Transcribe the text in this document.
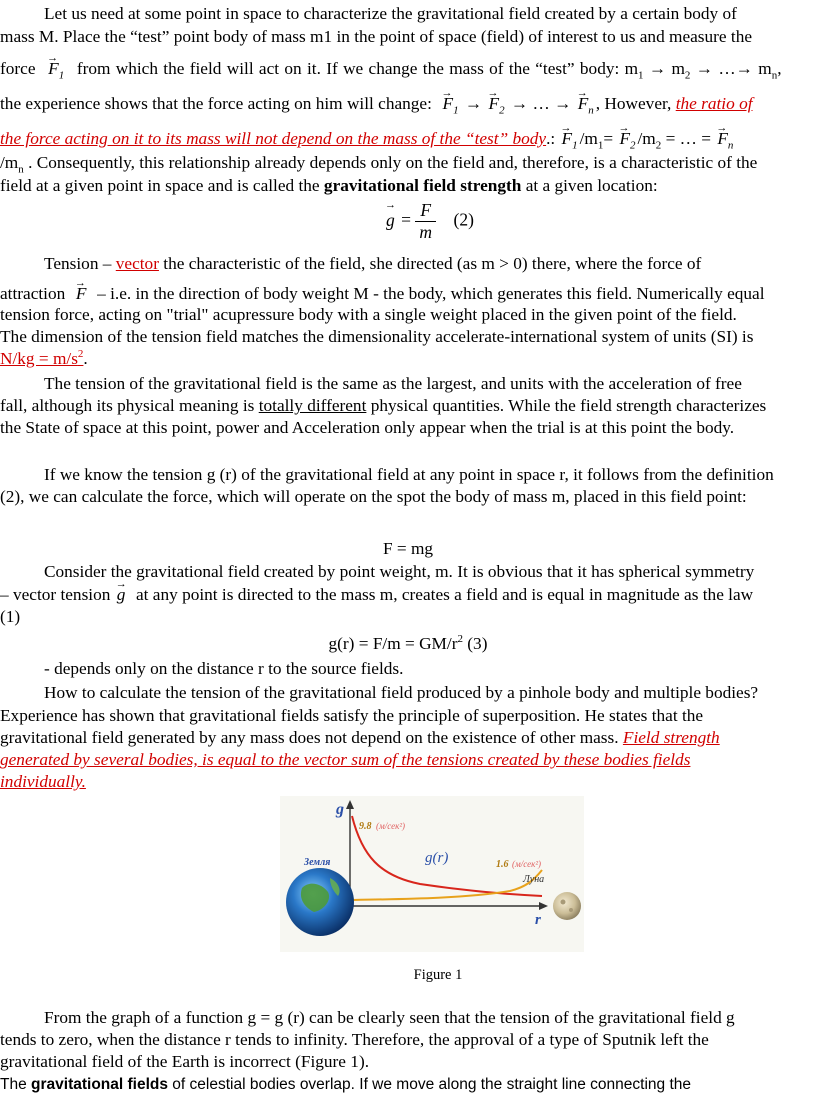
Let us need at some point in space to characterize the gravitational field created by a certain body of

mass M. Place the “test” point body of mass m1 in the point of space (field) of interest to us and measure the

force → $F_1$ from which the field will act on it. If we change the mass of the “test” body: $m_1 \to m_2$ → …→ $m_n$,

the experience shows that the force acting on him will change: → $F_1$ → → $F_2$ → … → → $F_n$ , However, the ratio of

the force acting on it to its mass will not depend on the mass of the “test” body.: → $F_1$ $/m_1= \to F_2$ $/m_2$ = … = → $F_n$

$/m_n$ . Consequently, this relationship already depends only on the field and, therefore, is a characteristic of the

field at a given point in space and is called the gravitational field strength at a given location:

→ $g = \frac{F}{m} (2)$

Tension – vector the characteristic of the field, she directed (as m > 0) there, where the force of

attraction → F – i.e. in the direction of body weight M - the body, which generates this field. Numerically equal

tension force, acting on "trial" acupressure body with a single weight placed in the given point of the field.

The dimension of the tension field matches the dimensionality accelerate-international system of units (SI) is

$N/kg = m/s^2$.

The tension of the gravitational field is the same as the largest, and units with the acceleration of free

fall, although its physical meaning is totally different physical quantities. While the field strength characterizes

the State of space at this point, power and Acceleration only appear when the trial is at this point the body.

If we know the tension g (r) of the gravitational field at any point in space r, it follows from the definition

(2), we can calculate the force, which will operate on the spot the body of mass m, placed in this field point:

F = mg

Consider the gravitational field created by point weight, m. It is obvious that it has spherical symmetry

– vector tension → g at any point is directed to the mass m, creates a field and is equal in magnitude as the law

(1)

$g(r) = F/m = GM/r^2$ (3)

- depends only on the distance r to the source fields.

How to calculate the tension of the gravitational field produced by a pinhole body and multiple bodies?

Experience has shown that gravitational fields satisfy the principle of superposition. He states that the

gravitational field generated by any mass does not depend on the existence of other mass. Field strength

generated by several bodies, is equal to the vector sum of the tensions created by these bodies fields

individually.

g
r
9.8 (м/сек²)
1.6 (м/сек²)
g(r)
Земля
Луна
Figure 1

From the graph of a function g = g (r) can be clearly seen that the tension of the gravitational field g

tends to zero, when the distance r tends to infinity. Therefore, the approval of a type of Sputnik left the

gravitational field of the Earth is incorrect (Figure 1).

The gravitational fields of celestial bodies overlap. If we move along the straight line connecting the
